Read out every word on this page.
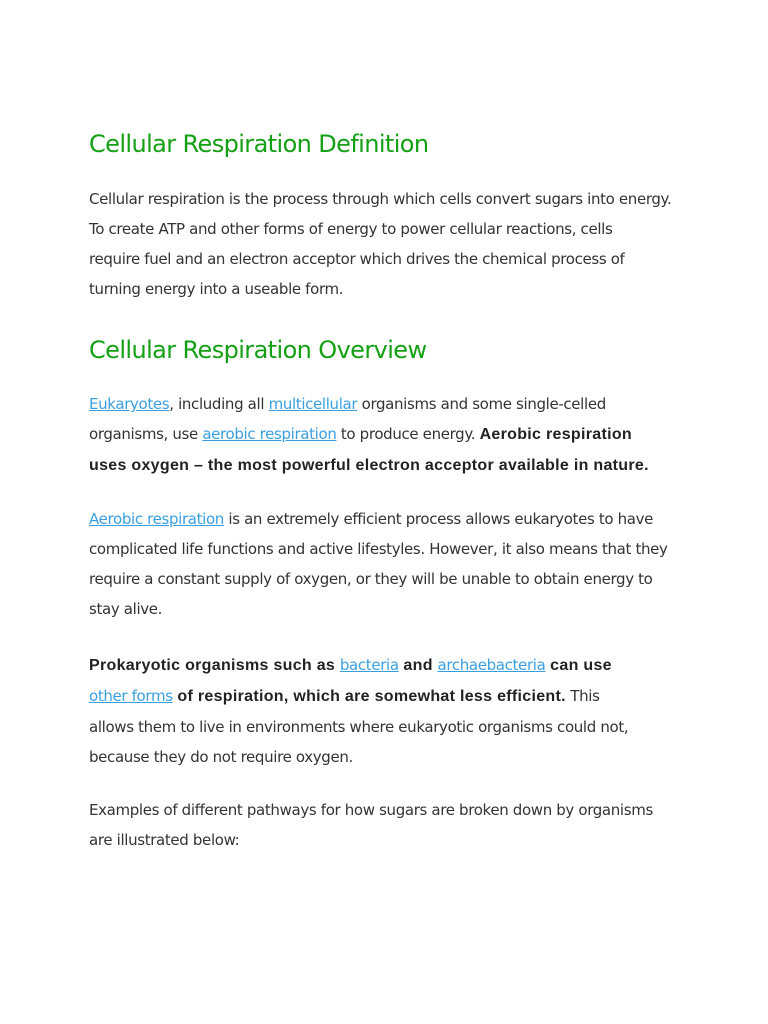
Cellular Respiration Definition

Cellular respiration is the process through which cells convert sugars into energy.
To create ATP and other forms of energy to power cellular reactions, cells
require fuel and an electron acceptor which drives the chemical process of
turning energy into a useable form.

Cellular Respiration Overview

Eukaryotes, including all multicellular organisms and some single-celled
organisms, use aerobic respiration to produce energy. Aerobic respiration
uses oxygen – the most powerful electron acceptor available in nature.

Aerobic respiration is an extremely efficient process allows eukaryotes to have
complicated life functions and active lifestyles. However, it also means that they
require a constant supply of oxygen, or they will be unable to obtain energy to
stay alive.

Prokaryotic organisms such as bacteria and archaebacteria can use
other forms of respiration, which are somewhat less efficient. This
allows them to live in environments where eukaryotic organisms could not,
because they do not require oxygen.

Examples of different pathways for how sugars are broken down by organisms
are illustrated below:
